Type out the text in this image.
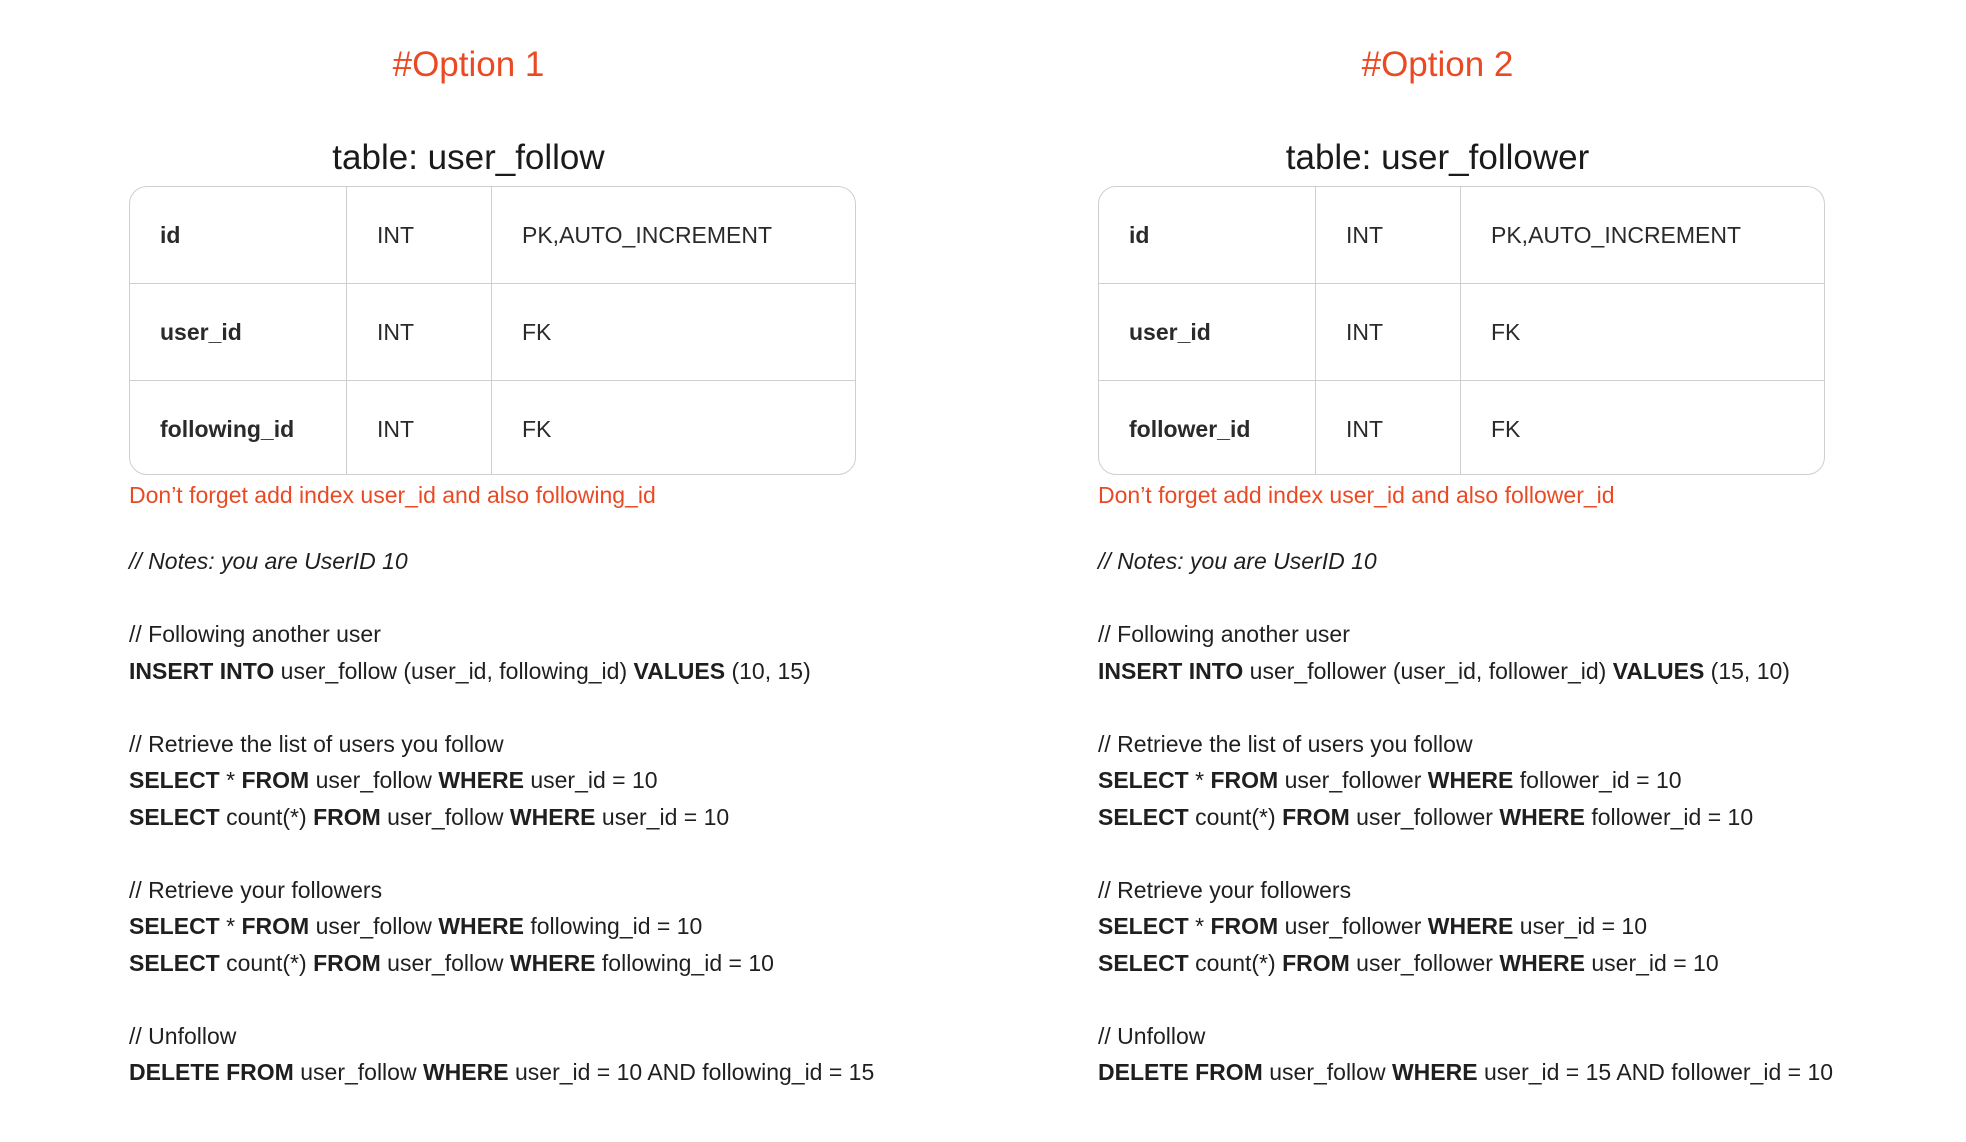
#Option 1
table: user_follow
id	INT	PK,AUTO_INCREMENT
user_id	INT	FK
following_id	INT	FK
Don’t forget add index user_id and also following_id
// Notes: you are UserID 10
// Following another user
INSERT INTO user_follow (user_id, following_id) VALUES (10, 15)
// Retrieve the list of users you follow
SELECT * FROM user_follow WHERE user_id = 10
SELECT count(*) FROM user_follow WHERE user_id = 10
// Retrieve your followers
SELECT * FROM user_follow WHERE following_id = 10
SELECT count(*) FROM user_follow WHERE following_id = 10
// Unfollow
DELETE FROM user_follow WHERE user_id = 10 AND following_id = 15
#Option 2
table: user_follower
id	INT	PK,AUTO_INCREMENT
user_id	INT	FK
follower_id	INT	FK
Don’t forget add index user_id and also follower_id
// Notes: you are UserID 10
// Following another user
INSERT INTO user_follower (user_id, follower_id) VALUES (15, 10)
// Retrieve the list of users you follow
SELECT * FROM user_follower WHERE follower_id = 10
SELECT count(*) FROM user_follower WHERE follower_id = 10
// Retrieve your followers
SELECT * FROM user_follower WHERE user_id = 10
SELECT count(*) FROM user_follower WHERE user_id = 10
// Unfollow
DELETE FROM user_follow WHERE user_id = 15 AND follower_id = 10
